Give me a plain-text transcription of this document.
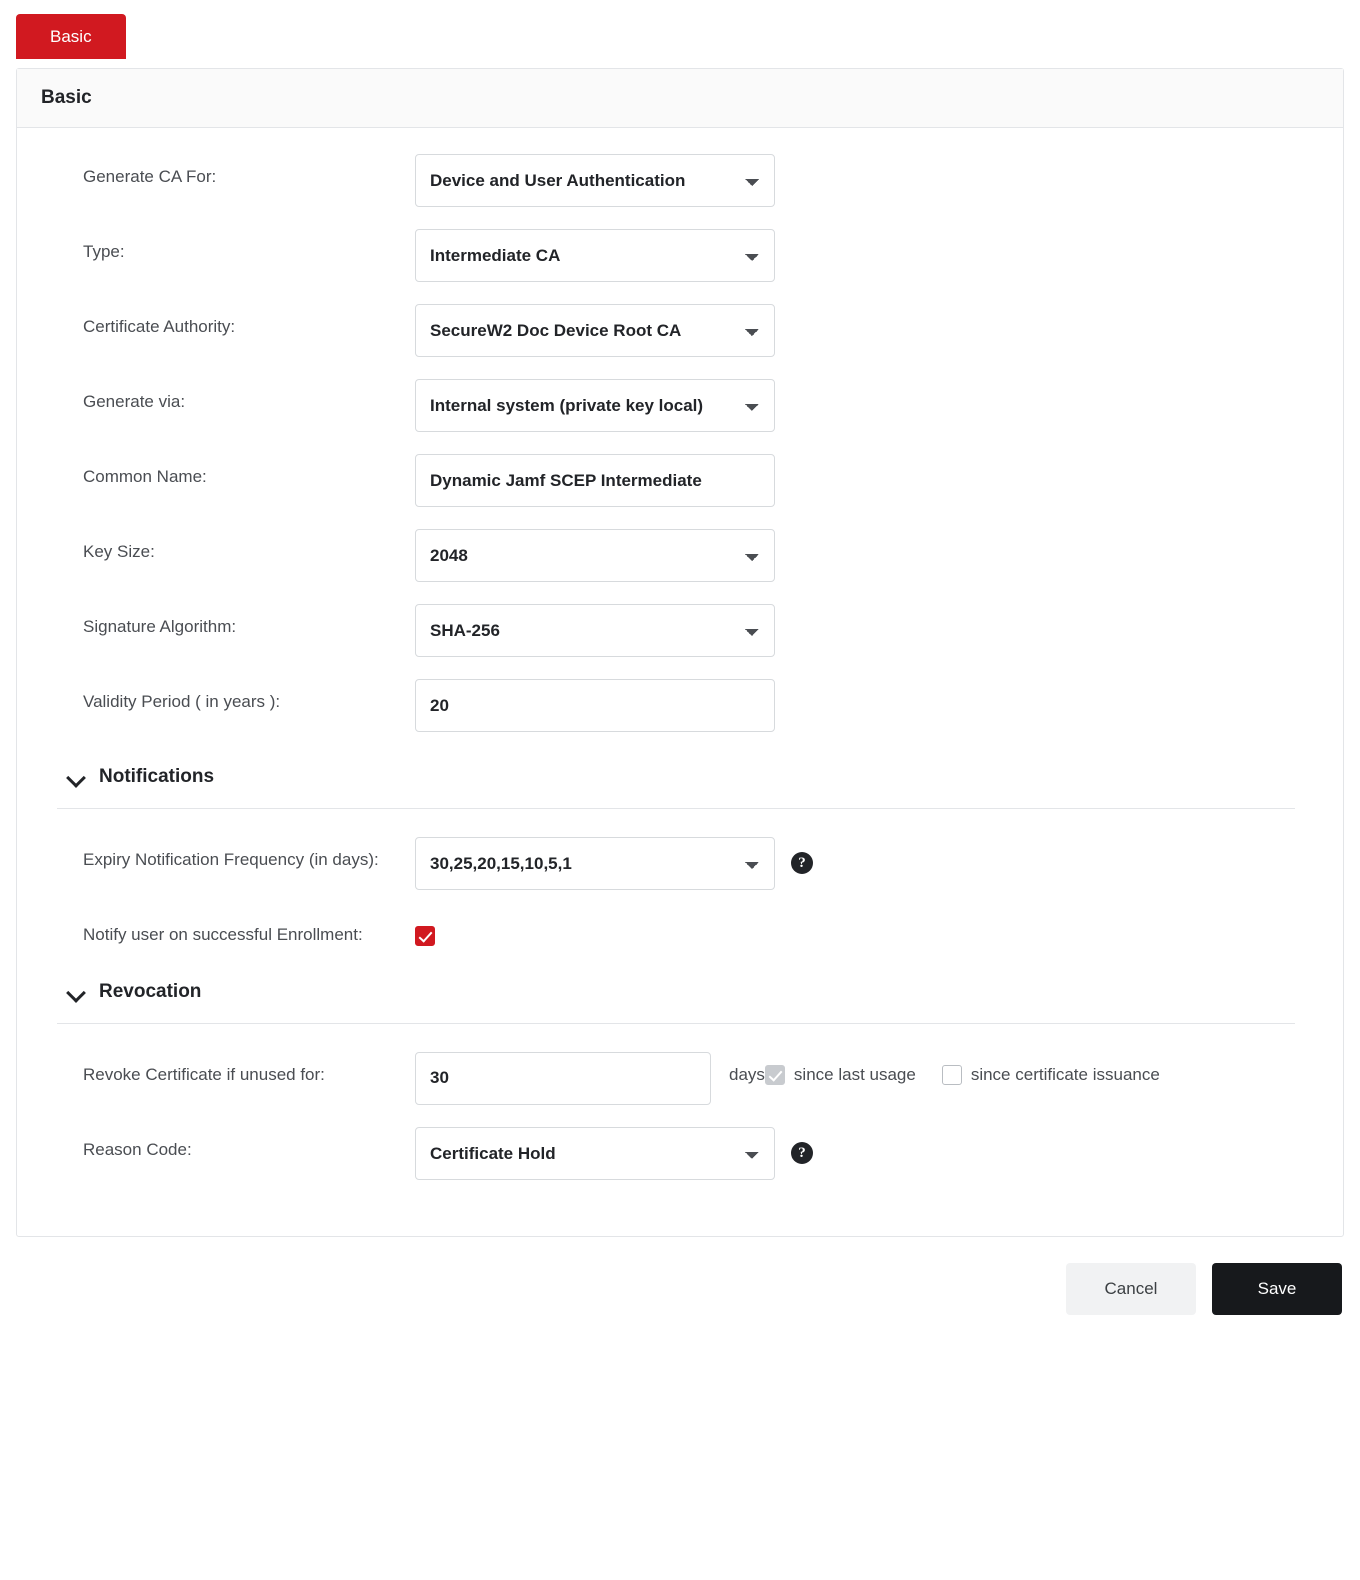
Basic
Basic
Generate CA For:
Device and User Authentication
Type:
Intermediate CA
Certificate Authority:
SecureW2 Doc Device Root CA
Generate via:
Internal system (private key local)
Common Name:
Dynamic Jamf SCEP Intermediate
Key Size:
2048
Signature Algorithm:
SHA-256
Validity Period ( in years ):
20
Notifications
Expiry Notification Frequency (in days):
30,25,20,15,10,5,1	?
Notify user on successful Enrollment:
Revocation
Revoke Certificate if unused for:
30	days since last usage	since certificate issuance
Reason Code:
Certificate Hold	?
Cancel	Save
